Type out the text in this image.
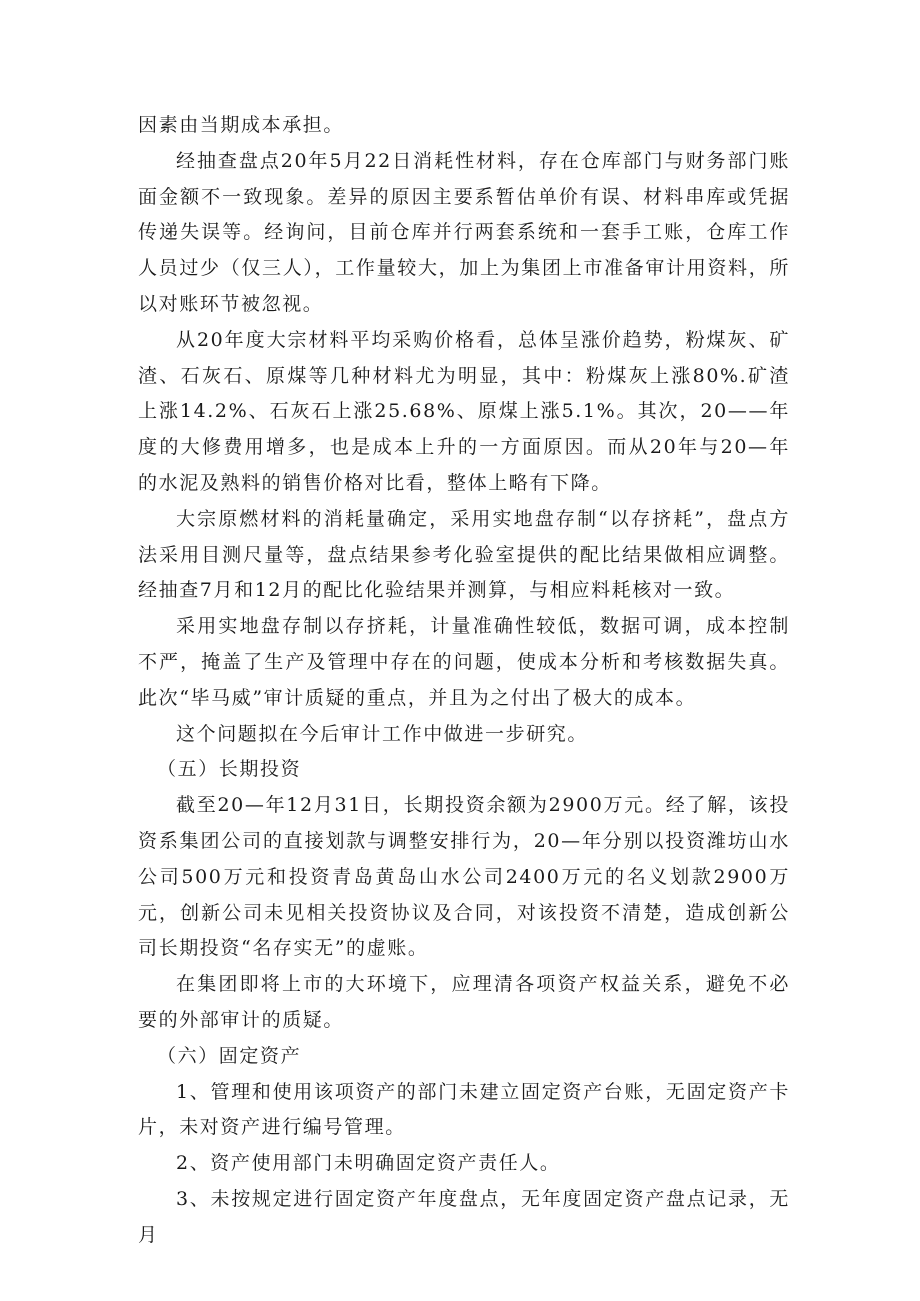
因素由当期成本承担。

经抽查盘点20年5月22日消耗性材料，存在仓库部门与财务部门账面金额不一致现象。差异的原因主要系暂估单价有误、材料串库或凭据传递失误等。经询问，目前仓库并行两套系统和一套手工账，仓库工作人员过少（仅三人），工作量较大，加上为集团上市准备审计用资料，所以对账环节被忽视。

从20年度大宗材料平均采购价格看，总体呈涨价趋势，粉煤灰、矿渣、石灰石、原煤等几种材料尤为明显，其中：粉煤灰上涨80%.矿渣上涨14.2%、石灰石上涨25.68%、原煤上涨5.1%。其次，20——年度的大修费用增多，也是成本上升的一方面原因。而从20年与20—年的水泥及熟料的销售价格对比看，整体上略有下降。

大宗原燃材料的消耗量确定，采用实地盘存制“以存挤耗”，盘点方法采用目测尺量等，盘点结果参考化验室提供的配比结果做相应调整。经抽查7月和12月的配比化验结果并测算，与相应料耗核对一致。

采用实地盘存制以存挤耗，计量准确性较低，数据可调，成本控制不严，掩盖了生产及管理中存在的问题，使成本分析和考核数据失真。此次“毕马威”审计质疑的重点，并且为之付出了极大的成本。

这个问题拟在今后审计工作中做进一步研究。

（五）长期投资

截至20—年12月31日，长期投资余额为2900万元。经了解，该投资系集团公司的直接划款与调整安排行为，20—年分别以投资潍坊山水公司500万元和投资青岛黄岛山水公司2400万元的名义划款2900万元，创新公司未见相关投资协议及合同，对该投资不清楚，造成创新公司长期投资“名存实无”的虚账。

在集团即将上市的大环境下，应理清各项资产权益关系，避免不必要的外部审计的质疑。

（六）固定资产

1、管理和使用该项资产的部门未建立固定资产台账，无固定资产卡片，未对资产进行编号管理。

2、资产使用部门未明确固定资产责任人。

3、未按规定进行固定资产年度盘点，无年度固定资产盘点记录，无月
